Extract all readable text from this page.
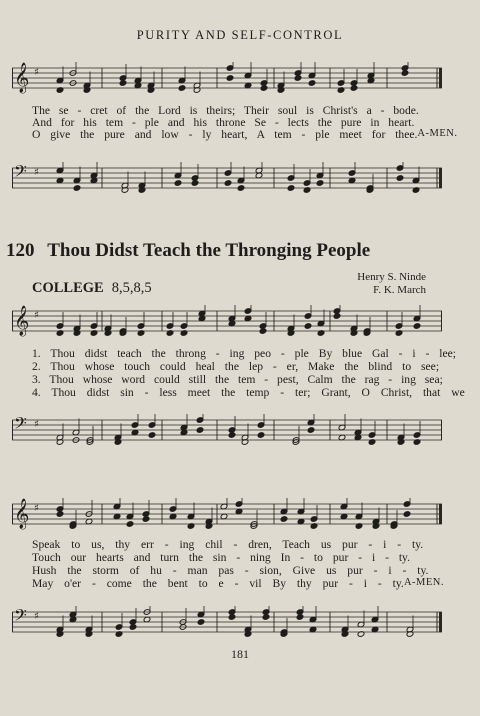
PURITY AND SELF-CONTROL
𝄞 ♯
The se - cret of the Lord is theirs; Their soul is Christ's a - bode.
And for his tem - ple and his throne Se - lects the pure in heart.
O give the pure and low - ly heart, A tem - ple meet for thee. A-MEN.
𝄢 ♯
120 Thou Didst Teach the Thronging People
COLLEGE 8,5,8,5
Henry S. Ninde
F. K. March
𝄞 ♯
1. Thou didst teach the throng - ing peo - ple By blue Gal - i - lee;
2. Thou whose touch could heal the lep - er, Make the blind to see;
3. Thou whose word could still the tem - pest, Calm the rag - ing sea;
4. Thou didst sin - less meet the temp - ter; Grant, O Christ, that we
𝄢 ♯
𝄞 ♯
Speak to us, thy err - ing chil - dren, Teach us pur - i - ty.
Touch our hearts and turn the sin - ning In - to pur - i - ty.
Hush the storm of hu - man pas - sion, Give us pur - i - ty.
May o'er - come the bent to e - vil By thy pur - i - ty. A-MEN.
𝄢 ♯
181
